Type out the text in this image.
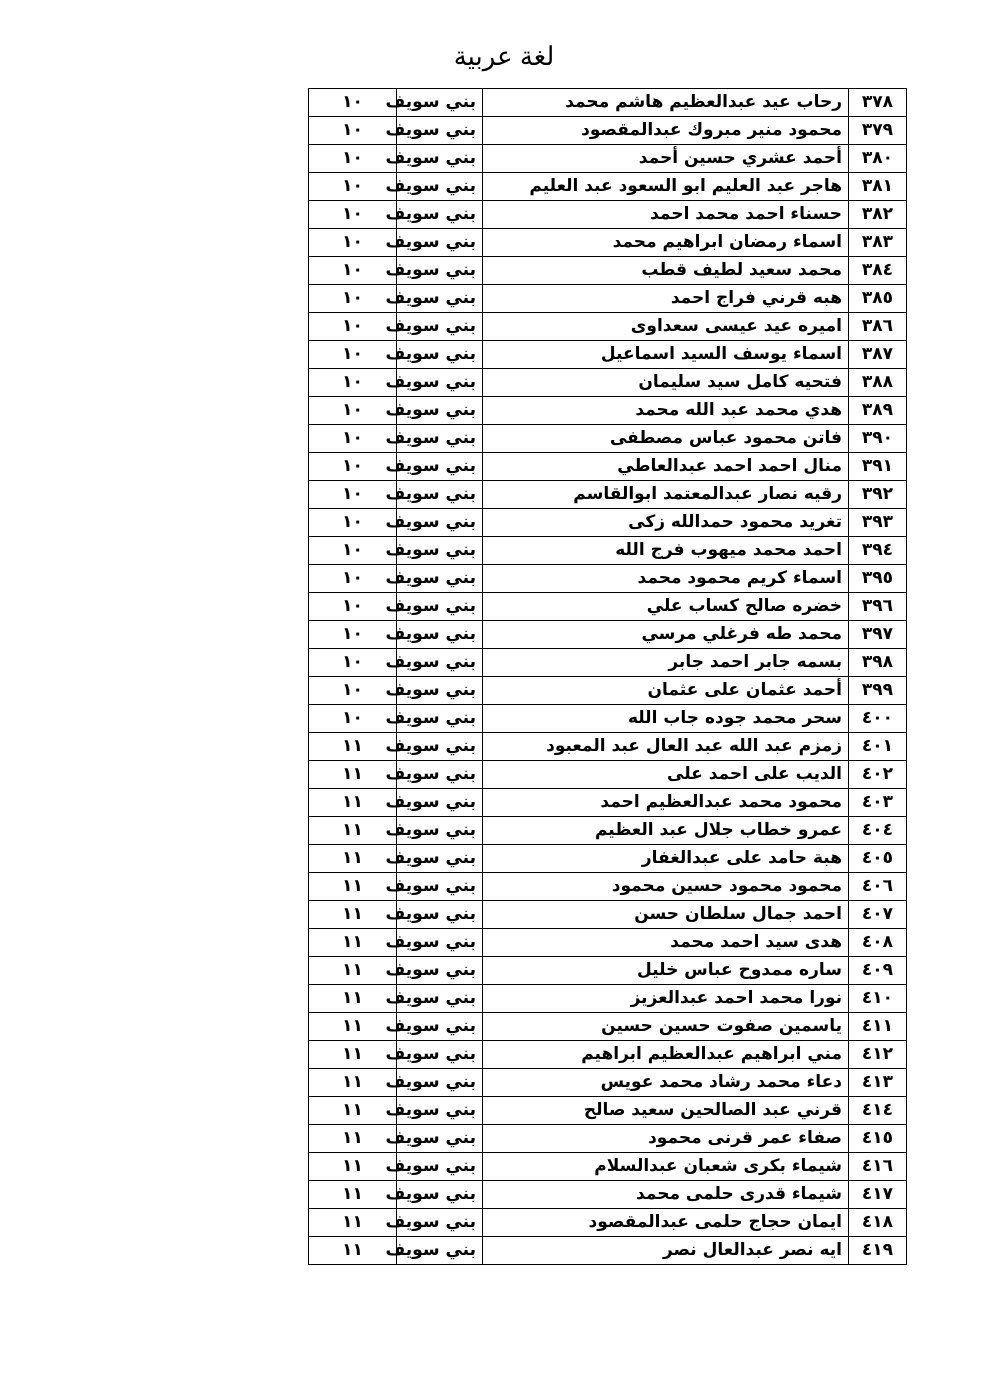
لغة عربية
٣٧٨	رحاب عيد عبدالعظيم هاشم محمد	بني سويف	١٠
٣٧٩	محمود منير مبروك عبدالمقصود	بني سويف	١٠
٣٨٠	أحمد عشري حسين أحمد	بني سويف	١٠
٣٨١	هاجر عبد العليم ابو السعود عبد العليم	بني سويف	١٠
٣٨٢	حسناء احمد محمد احمد	بني سويف	١٠
٣٨٣	اسماء رمضان ابراهيم محمد	بني سويف	١٠
٣٨٤	محمد سعيد لطيف قطب	بني سويف	١٠
٣٨٥	هبه قرني فراج احمد	بني سويف	١٠
٣٨٦	اميره عيد عيسى سعداوى	بني سويف	١٠
٣٨٧	اسماء يوسف السيد اسماعيل	بني سويف	١٠
٣٨٨	فتحيه كامل سيد سليمان	بني سويف	١٠
٣٨٩	هدي محمد عبد الله محمد	بني سويف	١٠
٣٩٠	فاتن محمود عباس مصطفى	بني سويف	١٠
٣٩١	منال احمد احمد عبدالعاطي	بني سويف	١٠
٣٩٢	رقيه نصار عبدالمعتمد ابوالقاسم	بني سويف	١٠
٣٩٣	تغريد محمود حمدالله زكى	بني سويف	١٠
٣٩٤	احمد محمد ميهوب فرج الله	بني سويف	١٠
٣٩٥	اسماء كريم محمود محمد	بني سويف	١٠
٣٩٦	خضره صالح كساب علي	بني سويف	١٠
٣٩٧	محمد طه فرغلي مرسي	بني سويف	١٠
٣٩٨	بسمه جابر احمد جابر	بني سويف	١٠
٣٩٩	أحمد عثمان على عثمان	بني سويف	١٠
٤٠٠	سحر محمد جوده جاب الله	بني سويف	١٠
٤٠١	زمزم عبد الله عبد العال عبد المعبود	بني سويف	١١
٤٠٢	الديب على احمد على	بني سويف	١١
٤٠٣	محمود محمد عبدالعظيم احمد	بني سويف	١١
٤٠٤	عمرو خطاب جلال عبد العظيم	بني سويف	١١
٤٠٥	هبة حامد على عبدالغفار	بني سويف	١١
٤٠٦	محمود محمود حسين محمود	بني سويف	١١
٤٠٧	احمد جمال سلطان حسن	بني سويف	١١
٤٠٨	هدى سيد احمد محمد	بني سويف	١١
٤٠٩	ساره ممدوح عباس خليل	بني سويف	١١
٤١٠	نورا محمد احمد عبدالعزيز	بني سويف	١١
٤١١	ياسمين صفوت حسين حسين	بني سويف	١١
٤١٢	مني ابراهيم عبدالعظيم ابراهيم	بني سويف	١١
٤١٣	دعاء محمد رشاد محمد عويس	بني سويف	١١
٤١٤	قرني عبد الصالحين سعيد صالح	بني سويف	١١
٤١٥	صفاء عمر قرنى محمود	بني سويف	١١
٤١٦	شيماء بكرى شعبان عبدالسلام	بني سويف	١١
٤١٧	شيماء قدرى حلمى محمد	بني سويف	١١
٤١٨	ايمان حجاج حلمى عبدالمقصود	بني سويف	١١
٤١٩	ايه نصر عبدالعال نصر	بني سويف	١١
